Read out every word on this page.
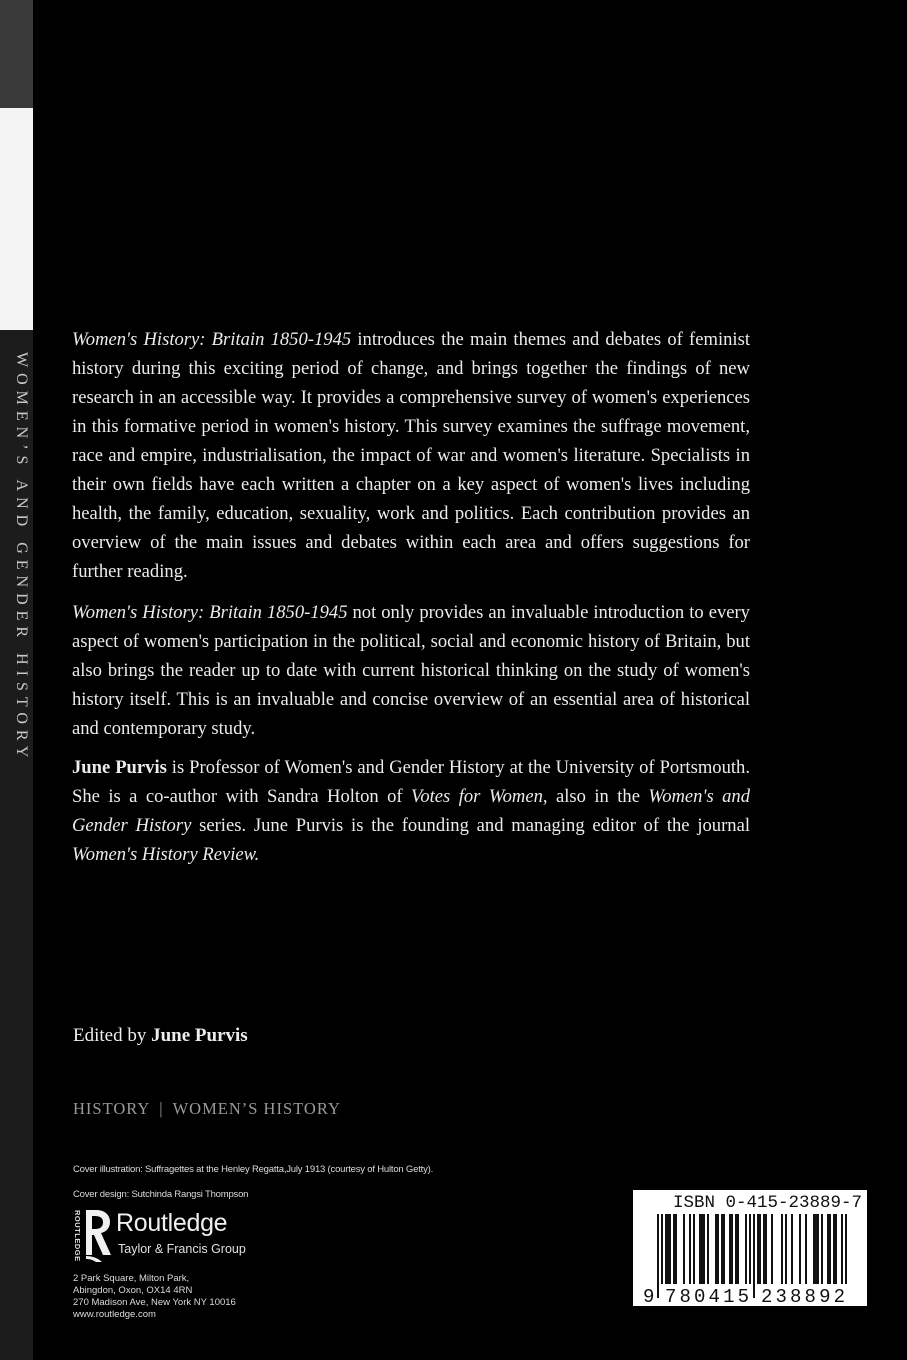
WOMEN’S AND GENDER HISTORY

Women's History: Britain 1850-1945 introduces the main themes and debates of feminist history during this exciting period of change, and brings together the findings of new research in an accessible way. It provides a comprehensive survey of women's experiences in this formative period in women's history. This survey examines the suffrage movement, race and empire, industrialisation, the impact of war and women's literature. Specialists in their own fields have each written a chapter on a key aspect of women's lives including health, the family, education, sexuality, work and politics. Each contribution provides an overview of the main issues and debates within each area and offers suggestions for further reading.

Women's History: Britain 1850-1945 not only provides an invaluable introduction to every aspect of women's participation in the political, social and economic history of Britain, but also brings the reader up to date with current historical thinking on the study of women's history itself. This is an invaluable and concise overview of an essential area of historical and contemporary study.

June Purvis is Professor of Women's and Gender History at the University of Portsmouth. She is a co-author with Sandra Holton of Votes for Women, also in the Women's and Gender History series. June Purvis is the founding and managing editor of the journal Women's History Review.

Edited by June Purvis
HISTORY | WOMEN’S HISTORY
Cover illustration: Suffragettes at the Henley Regatta,July 1913 (courtesy of Hulton Getty).
Cover design: Sutchinda Rangsi Thompson
ROUTLEDGE Routledge
Taylor & Francis Group
2 Park Square, Milton Park,
Abingdon, Oxon, OX14 4RN
270 Madison Ave, New York NY 10016
www.routledge.com
ISBN 0-415-23889-7
9 780415 238892
